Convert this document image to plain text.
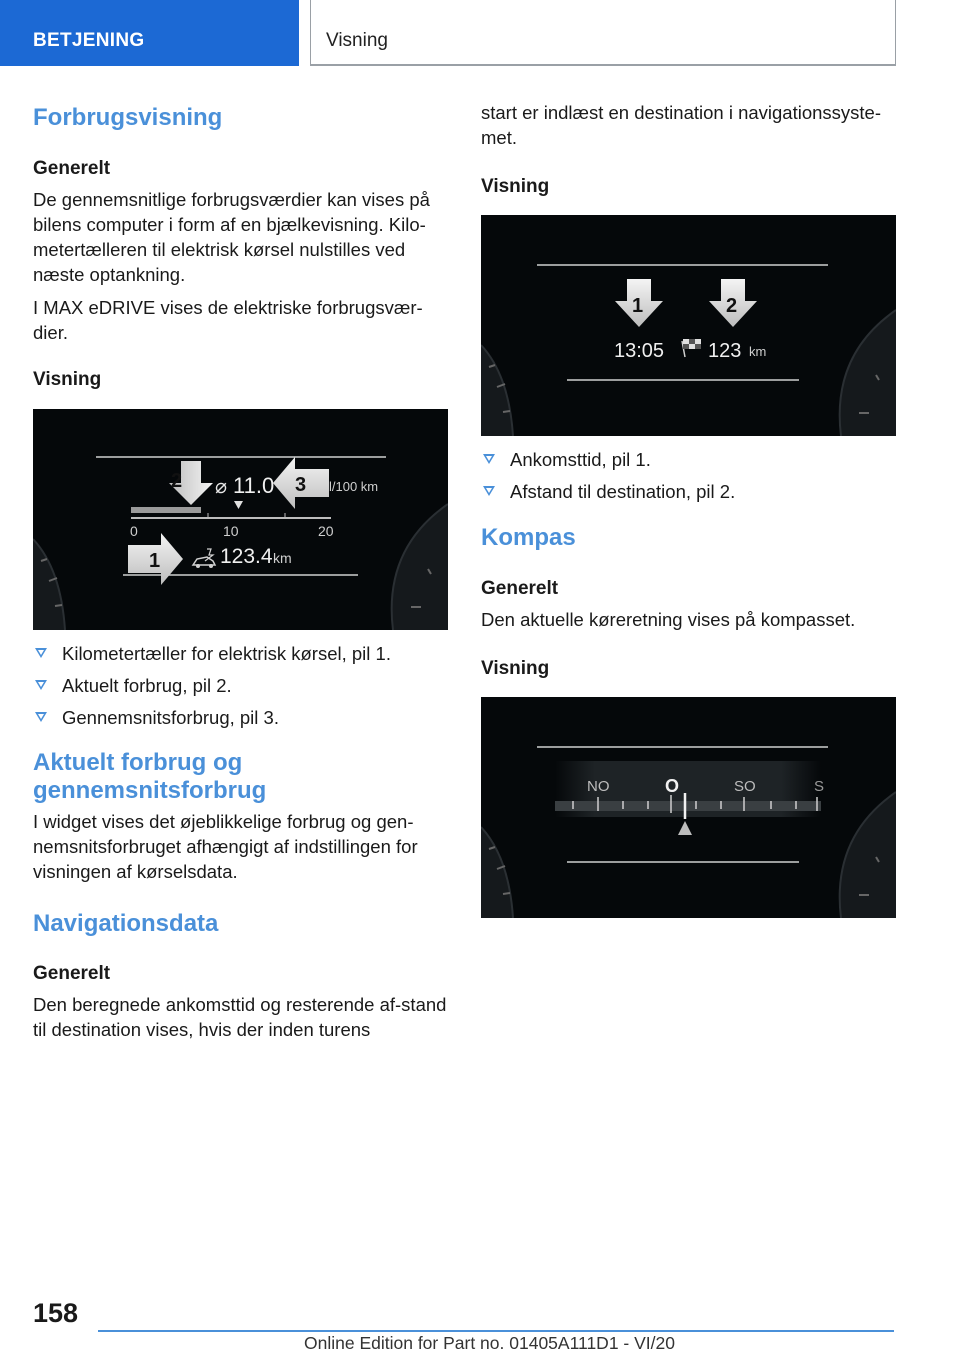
BETJENING	Visning
Forbrugsvisning
Generelt

De gennemsnitlige forbrugsværdier kan vises på bilens computer i form af en bjælkevisning. Kilo-metertælleren til elektrisk kørsel nulstilles ved næste optankning.

I MAX eDRIVE vises de elektriske forbrugsvær-dier.

Visning
2	3
1
⌀ 11.0	l/100 km
0	10	20
123.4 km
Kilometertæller for elektrisk kørsel, pil 1.
Aktuelt forbrug, pil 2.
Gennemsnitsforbrug, pil 3.
Aktuelt forbrug og
gennemsnitsforbrug

I widget vises det øjeblikkelige forbrug og gen-nemsnitsforbruget afhængigt af indstillingen for visningen af kørselsdata.

Navigationsdata
Generelt

Den beregnede ankomsttid og resterende af-stand til destination vises, hvis der inden turens

start er indlæst en destination i navigationssyste-met.

Visning
1	2
13:05 123 km
Ankomsttid, pil 1.
Afstand til destination, pil 2.
Kompas
Generelt

Den aktuelle køreretning vises på kompasset.

Visning
NO	O	SO	S
158
Online Edition for Part no. 01405A111D1 - VI/20
